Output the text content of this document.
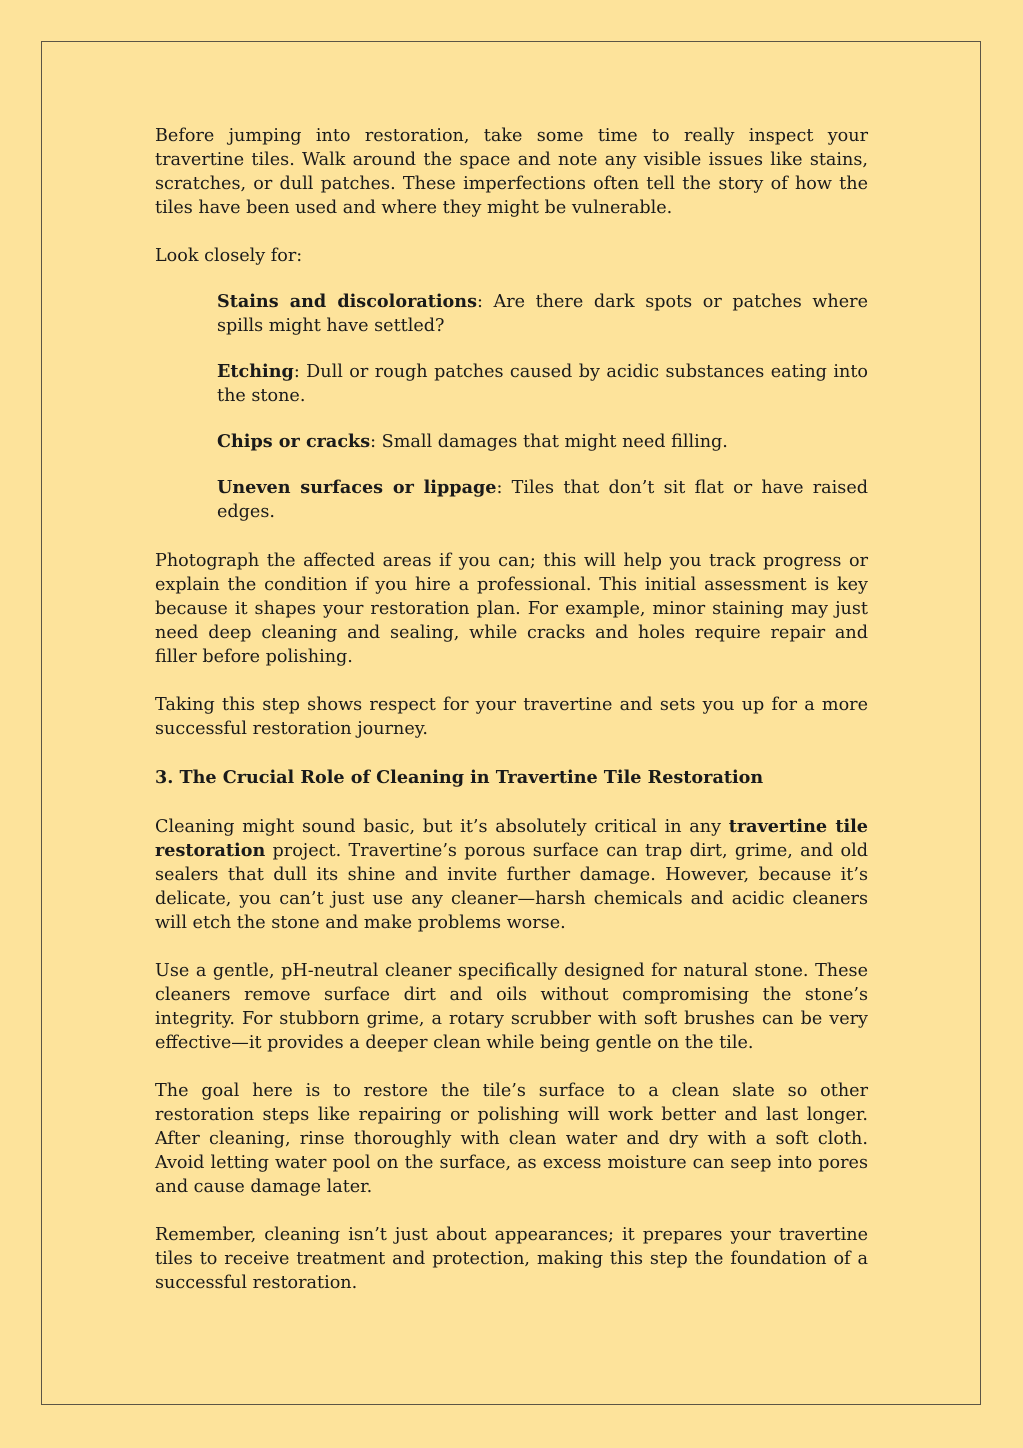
Before jumping into restoration, take some time to really inspect your travertine tiles. Walk around the space and note any visible issues like stains, scratches, or dull patches. These imperfections often tell the story of how the tiles have been used and where they might be vulnerable.

Look closely for:

Stains and discolorations: Are there dark spots or patches where spills might have settled?
Etching: Dull or rough patches caused by acidic substances eating into the stone.
Chips or cracks: Small damages that might need filling.
Uneven surfaces or lippage: Tiles that don’t sit flat or have raised edges.

Photograph the affected areas if you can; this will help you track progress or explain the condition if you hire a professional. This initial assessment is key because it shapes your restoration plan. For example, minor staining may just need deep cleaning and sealing, while cracks and holes require repair and filler before polishing.

Taking this step shows respect for your travertine and sets you up for a more successful restoration journey.

3. The Crucial Role of Cleaning in Travertine Tile Restoration

Cleaning might sound basic, but it’s absolutely critical in any travertine tile restoration project. Travertine’s porous surface can trap dirt, grime, and old sealers that dull its shine and invite further damage. However, because it’s delicate, you can’t just use any cleaner—harsh chemicals and acidic cleaners will etch the stone and make problems worse.

Use a gentle, pH-neutral cleaner specifically designed for natural stone. These cleaners remove surface dirt and oils without compromising the stone’s integrity. For stubborn grime, a rotary scrubber with soft brushes can be very effective—it provides a deeper clean while being gentle on the tile.

The goal here is to restore the tile’s surface to a clean slate so other restoration steps like repairing or polishing will work better and last longer. After cleaning, rinse thoroughly with clean water and dry with a soft cloth. Avoid letting water pool on the surface, as excess moisture can seep into pores and cause damage later.

Remember, cleaning isn’t just about appearances; it prepares your travertine tiles to receive treatment and protection, making this step the foundation of a successful restoration.
